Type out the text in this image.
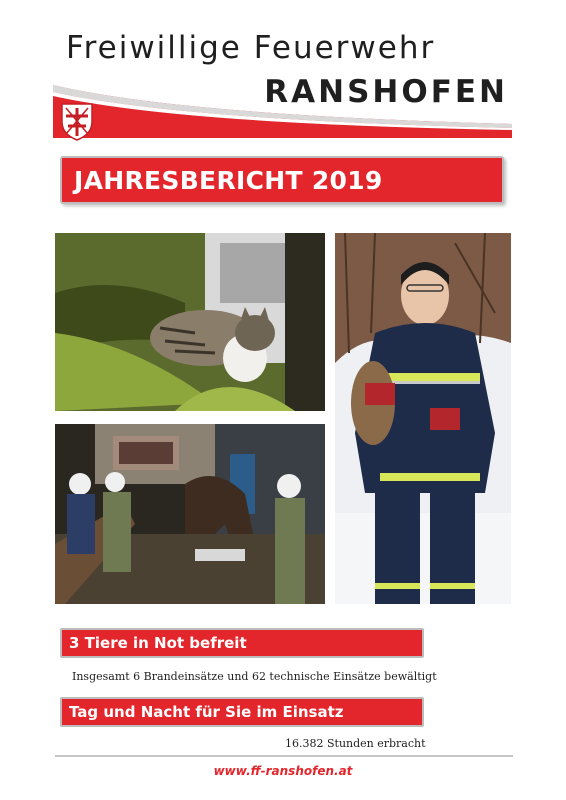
Freiwillige Feuerwehr
RANSHOFEN
JAHRESBERICHT 2019
3 Tiere in Not befreit
Insgesamt 6 Brandeinsätze und 62 technische Einsätze bewältigt
Tag und Nacht für Sie im Einsatz
16.382 Stunden erbracht
www.ff-ranshofen.at
